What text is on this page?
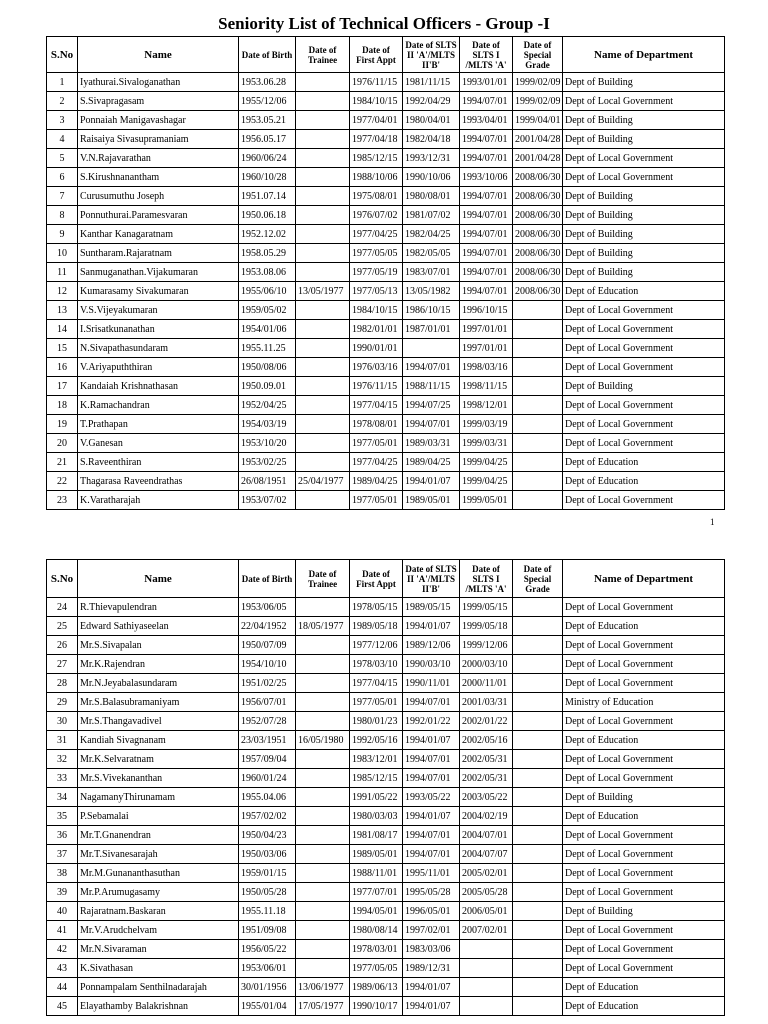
Seniority List of Technical Officers - Group -I
S.No	Name	Date of Birth	Date of Trainee	Date of First Appt	Date of SLTS II 'A'/MLTS II'B'	Date of SLTS I /MLTS 'A'	Date of Special Grade	Name of Department
1	Iyathurai.Sivaloganathan	1953.06.28		1976/11/15	1981/11/15	1993/01/01	1999/02/09	Dept of Building
2	S.Sivapragasam	1955/12/06		1984/10/15	1992/04/29	1994/07/01	1999/02/09	Dept of Local Government
3	Ponnaiah Manigavashagar	1953.05.21		1977/04/01	1980/04/01	1993/04/01	1999/04/01	Dept of Building
4	Raisaiya Sivasupramaniam	1956.05.17		1977/04/18	1982/04/18	1994/07/01	2001/04/28	Dept of Building
5	V.N.Rajavarathan	1960/06/24		1985/12/15	1993/12/31	1994/07/01	2001/04/28	Dept of Local Government
6	S.Kirushnanantham	1960/10/28		1988/10/06	1990/10/06	1993/10/06	2008/06/30	Dept of Local Government
7	Curusumuthu Joseph	1951.07.14		1975/08/01	1980/08/01	1994/07/01	2008/06/30	Dept of Building
8	Ponnuthurai.Paramesvaran	1950.06.18		1976/07/02	1981/07/02	1994/07/01	2008/06/30	Dept of Building
9	Kanthar Kanagaratnam	1952.12.02		1977/04/25	1982/04/25	1994/07/01	2008/06/30	Dept of Building
10	Suntharam.Rajaratnam	1958.05.29		1977/05/05	1982/05/05	1994/07/01	2008/06/30	Dept of Building
11	Sanmuganathan.Vijakumaran	1953.08.06		1977/05/19	1983/07/01	1994/07/01	2008/06/30	Dept of Building
12	Kumarasamy Sivakumaran	1955/06/10	13/05/1977	1977/05/13	13/05/1982	1994/07/01	2008/06/30	Dept of Education
13	V.S.Vijeyakumaran	1959/05/02		1984/10/15	1986/10/15	1996/10/15		Dept of Local Government
14	I.Srisatkunanathan	1954/01/06		1982/01/01	1987/01/01	1997/01/01		Dept of Local Government
15	N.Sivapathasundaram	1955.11.25		1990/01/01		1997/01/01		Dept of Local Government
16	V.Ariyapuththiran	1950/08/06		1976/03/16	1994/07/01	1998/03/16		Dept of Local Government
17	Kandaiah Krishnathasan	1950.09.01		1976/11/15	1988/11/15	1998/11/15		Dept of Building
18	K.Ramachandran	1952/04/25		1977/04/15	1994/07/25	1998/12/01		Dept of Local Government
19	T.Prathapan	1954/03/19		1978/08/01	1994/07/01	1999/03/19		Dept of Local Government
20	V.Ganesan	1953/10/20		1977/05/01	1989/03/31	1999/03/31		Dept of Local Government
21	S.Raveenthiran	1953/02/25		1977/04/25	1989/04/25	1999/04/25		Dept of Education
22	Thagarasa Raveendrathas	26/08/1951	25/04/1977	1989/04/25	1994/01/07	1999/04/25		Dept of Education
23	K.Varatharajah	1953/07/02		1977/05/01	1989/05/01	1999/05/01		Dept of Local Government
1
S.No	Name	Date of Birth	Date of Trainee	Date of First Appt	Date of SLTS II 'A'/MLTS II'B'	Date of SLTS I /MLTS 'A'	Date of Special Grade	Name of Department
24	R.Thievapulendran	1953/06/05		1978/05/15	1989/05/15	1999/05/15		Dept of Local Government
25	Edward Sathiyaseelan	22/04/1952	18/05/1977	1989/05/18	1994/01/07	1999/05/18		Dept of Education
26	Mr.S.Sivapalan	1950/07/09		1977/12/06	1989/12/06	1999/12/06		Dept of Local Government
27	Mr.K.Rajendran	1954/10/10		1978/03/10	1990/03/10	2000/03/10		Dept of Local Government
28	Mr.N.Jeyabalasundaram	1951/02/25		1977/04/15	1990/11/01	2000/11/01		Dept of Local Government
29	Mr.S.Balasubramaniyam	1956/07/01		1977/05/01	1994/07/01	2001/03/31		Ministry of Education
30	Mr.S.Thangavadivel	1952/07/28		1980/01/23	1992/01/22	2002/01/22		Dept of Local Government
31	Kandiah Sivagnanam	23/03/1951	16/05/1980	1992/05/16	1994/01/07	2002/05/16		Dept of Education
32	Mr.K.Selvaratnam	1957/09/04		1983/12/01	1994/07/01	2002/05/31		Dept of Local Government
33	Mr.S.Vivekananthan	1960/01/24		1985/12/15	1994/07/01	2002/05/31		Dept of Local Government
34	NagamanyThirunamam	1955.04.06		1991/05/22	1993/05/22	2003/05/22		Dept of Building
35	P.Sebamalai	1957/02/02		1980/03/03	1994/01/07	2004/02/19		Dept of Education
36	Mr.T.Gnanendran	1950/04/23		1981/08/17	1994/07/01	2004/07/01		Dept of Local Government
37	Mr.T.Sivanesarajah	1950/03/06		1989/05/01	1994/07/01	2004/07/07		Dept of Local Government
38	Mr.M.Gunananthasuthan	1959/01/15		1988/11/01	1995/11/01	2005/02/01		Dept of Local Government
39	Mr.P.Arumugasamy	1950/05/28		1977/07/01	1995/05/28	2005/05/28		Dept of Local Government
40	Rajaratnam.Baskaran	1955.11.18		1994/05/01	1996/05/01	2006/05/01		Dept of Building
41	Mr.V.Arudchelvam	1951/09/08		1980/08/14	1997/02/01	2007/02/01		Dept of Local Government
42	Mr.N.Sivaraman	1956/05/22		1978/03/01	1983/03/06			Dept of Local Government
43	K.Sivathasan	1953/06/01		1977/05/05	1989/12/31			Dept of Local Government
44	Ponnampalam Senthilnadarajah	30/01/1956	13/06/1977	1989/06/13	1994/01/07			Dept of Education
45	Elayathamby Balakrishnan	1955/01/04	17/05/1977	1990/10/17	1994/01/07			Dept of Education
